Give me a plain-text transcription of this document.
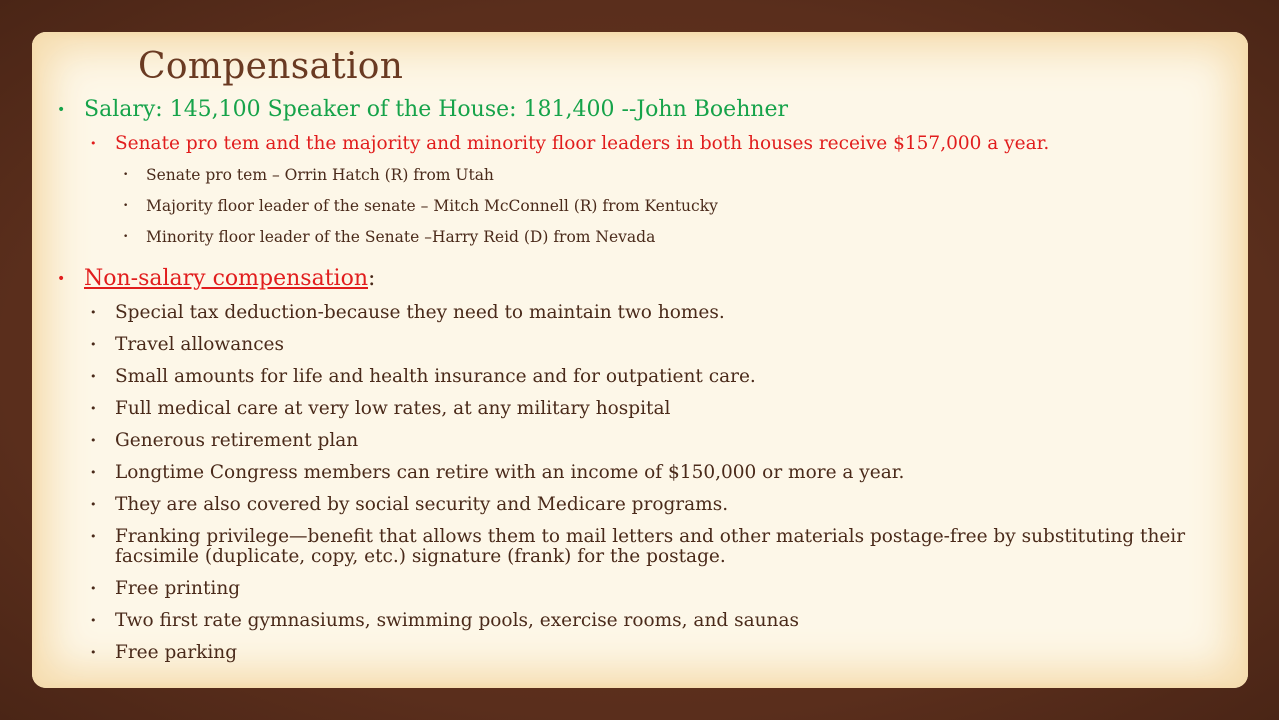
Compensation
• Salary: 145,100 Speaker of the House: 181,400 --John Boehner
• Senate pro tem and the majority and minority floor leaders in both houses receive $157,000 a year.
• Senate pro tem – Orrin Hatch (R) from Utah
• Majority floor leader of the senate – Mitch McConnell (R) from Kentucky
• Minority floor leader of the Senate –Harry Reid (D) from Nevada
• Non-salary compensation:
• Special tax deduction-because they need to maintain two homes.
• Travel allowances
• Small amounts for life and health insurance and for outpatient care.
• Full medical care at very low rates, at any military hospital
• Generous retirement plan
• Longtime Congress members can retire with an income of $150,000 or more a year.
• They are also covered by social security and Medicare programs.
• Franking privilege—benefit that allows them to mail letters and other materials postage-free by substituting their facsimile (duplicate, copy, etc.) signature (frank) for the postage.
• Free printing
• Two first rate gymnasiums, swimming pools, exercise rooms, and saunas
• Free parking
